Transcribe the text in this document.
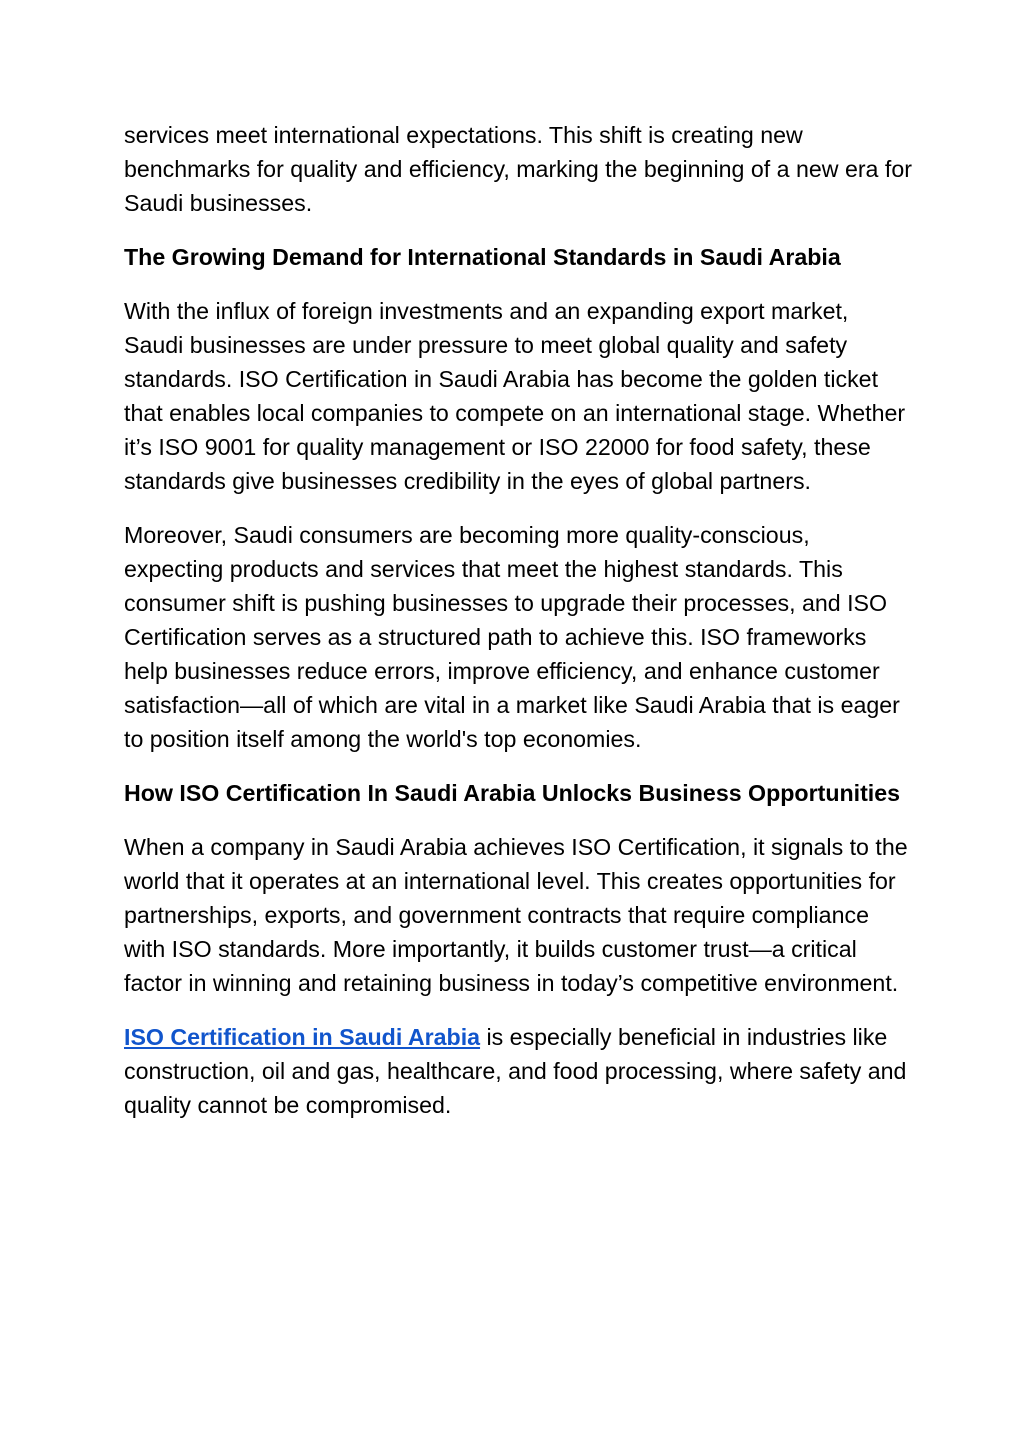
services meet international expectations. This shift is creating new benchmarks for quality and efficiency, marking the beginning of a new era for Saudi businesses.

The Growing Demand for International Standards in Saudi Arabia

With the influx of foreign investments and an expanding export market, Saudi businesses are under pressure to meet global quality and safety standards. ISO Certification in Saudi Arabia has become the golden ticket that enables local companies to compete on an international stage. Whether it’s ISO 9001 for quality management or ISO 22000 for food safety, these standards give businesses credibility in the eyes of global partners.

Moreover, Saudi consumers are becoming more quality-conscious, expecting products and services that meet the highest standards. This consumer shift is pushing businesses to upgrade their processes, and ISO Certification serves as a structured path to achieve this. ISO frameworks help businesses reduce errors, improve efficiency, and enhance customer satisfaction—all of which are vital in a market like Saudi Arabia that is eager to position itself among the world's top economies.

How ISO Certification In Saudi Arabia Unlocks Business Opportunities

When a company in Saudi Arabia achieves ISO Certification, it signals to the world that it operates at an international level. This creates opportunities for partnerships, exports, and government contracts that require compliance with ISO standards. More importantly, it builds customer trust—a critical factor in winning and retaining business in today’s competitive environment.

ISO Certification in Saudi Arabia is especially beneficial in industries like construction, oil and gas, healthcare, and food processing, where safety and quality cannot be compromised.
